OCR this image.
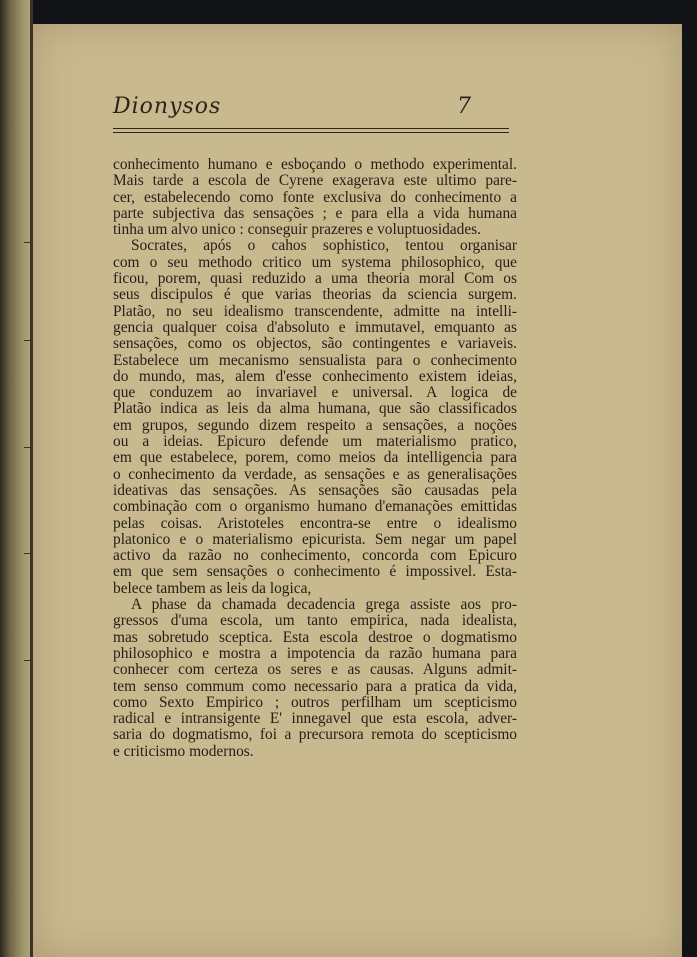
Dionysos	7

conhecimento humano e esboçando o methodo experimental.
Mais tarde a escola de Cyrene exagerava este ultimo pare-
cer, estabelecendo como fonte exclusiva do conhecimento a
parte subjectiva das sensações ; e para ella a vida humana
tinha um alvo unico : conseguir prazeres e voluptuosidades.
Socrates, após o cahos sophistico, tentou organisar
com o seu methodo critico um systema philosophico, que
ficou, porem, quasi reduzido a uma theoria moral Com os
seus discipulos é que varias theorias da sciencia surgem.
Platão, no seu idealismo transcendente, admitte na intelli-
gencia qualquer coisa d'absoluto e immutavel, emquanto as
sensações, como os objectos, são contingentes e variaveis.
Estabelece um mecanismo sensualista para o conhecimento
do mundo, mas, alem d'esse conhecimento existem ideias,
que conduzem ao invariavel e universal. A logica de
Platão indica as leis da alma humana, que são classificados
em grupos, segundo dizem respeito a sensações, a noções
ou a ideias. Epicuro defende um materialismo pratico,
em que estabelece, porem, como meios da intelligencia para
o conhecimento da verdade, as sensações e as generalisações
ideativas das sensações. As sensações são causadas pela
combinação com o organismo humano d'emanações emittidas
pelas coisas. Aristoteles encontra-se entre o idealismo
platonico e o materialismo epicurista. Sem negar um papel
activo da razão no conhecimento, concorda com Epicuro
em que sem sensações o conhecimento é impossivel. Esta-
belece tambem as leis da logica,
A phase da chamada decadencia grega assiste aos pro-
gressos d'uma escola, um tanto empirica, nada idealista,
mas sobretudo sceptica. Esta escola destroe o dogmatismo
philosophico e mostra a impotencia da razão humana para
conhecer com certeza os seres e as causas. Alguns admit-
tem senso commum como necessario para a pratica da vida,
como Sexto Empirico ; outros perfilham um scepticismo
radical e intransigente E' innegavel que esta escola, adver-
saria do dogmatismo, foi a precursora remota do scepticismo
e criticismo modernos.
